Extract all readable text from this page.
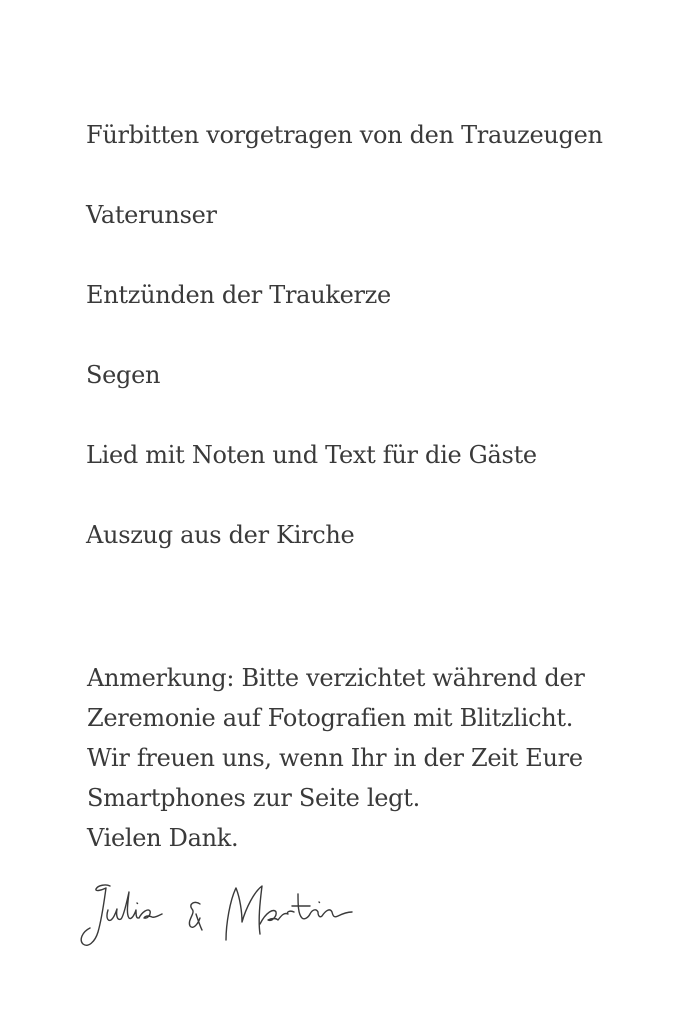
Fürbitten vorgetragen von den Trauzeugen
Vaterunser
Entzünden der Traukerze
Segen
Lied mit Noten und Text für die Gäste
Auszug aus der Kirche
Anmerkung: Bitte verzichtet während der
Zeremonie auf Fotografien mit Blitzlicht.
Wir freuen uns, wenn Ihr in der Zeit Eure
Smartphones zur Seite legt.
Vielen Dank.
